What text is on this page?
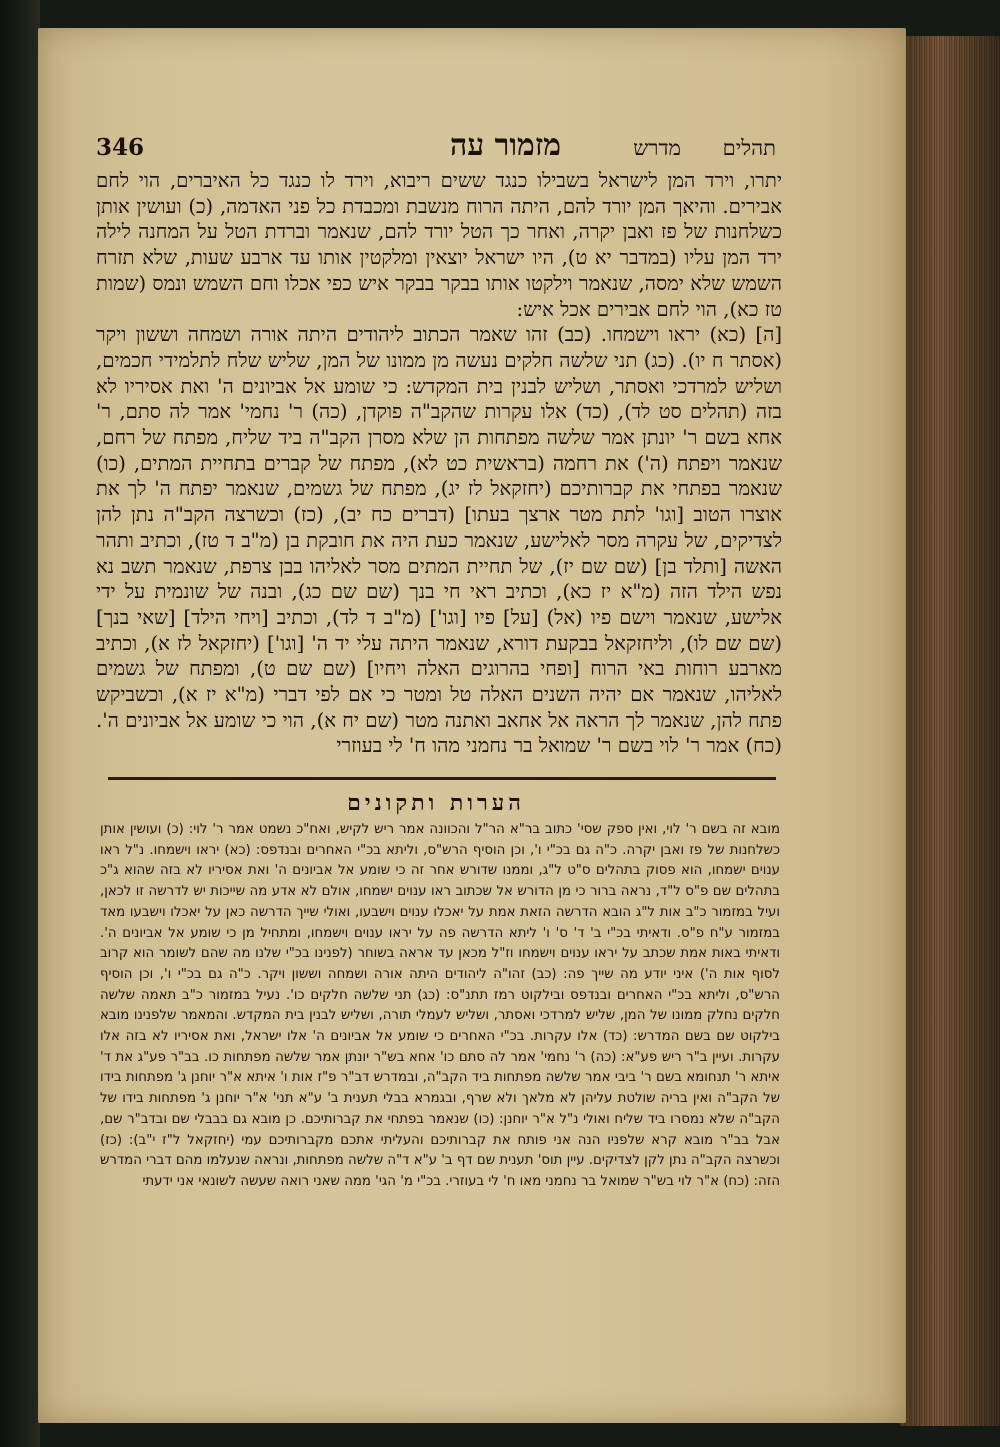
תהלים
מזמור עה	מדרש
346

יתרו, וירד המן לישראל בשבילו כנגד ששים ריבוא, וירד לו כנגד כל האיברים, הוי לחם אבירים. והיאך המן יורד להם, היתה הרוח מנשבת ומכבדת כל פני האדמה, (כ) ועושין אותן כשלחנות של פז ואבן יקרה, ואחר כך הטל יורד להם, שנאמר וברדת הטל על המחנה לילה ירד המן עליו (במדבר יא ט), היו ישראל יוצאין ומלקטין אותו עד ארבע שעות, שלא תזרח השמש שלא ימסה, שנאמר וילקטו אותו בבקר בבקר איש כפי אכלו וחם השמש ונמס (שמות טז כא), הוי לחם אבירים אכל איש:

[ה] (כא) יראו וישמחו. (כב) זהו שאמר הכתוב ליהודים היתה אורה ושמחה וששון ויקר (אסתר ח יו). (כג) תני שלשה חלקים נעשה מן ממונו של המן, שליש שלח לתלמידי חכמים, ושליש למרדכי ואסתר, ושליש לבנין בית המקדש: כי שומע אל אביונים ה' ואת אסיריו לא בזה (תהלים סט לד), (כד) אלו עקרות שהקב"ה פוקדן, (כה) ר' נחמי' אמר לה סתם, ר' אחא בשם ר' יונתן אמר שלשה מפתחות הן שלא מסרן הקב"ה ביד שליח, מפתח של רחם, שנאמר ויפתח (ה') את רחמה (בראשית כט לא), מפתח של קברים בתחיית המתים, (כו) שנאמר בפתחי את קברותיכם (יחזקאל לז יג), מפתח של גשמים, שנאמר יפתח ה' לך את אוצרו הטוב [וגו' לתת מטר ארצך בעתו] (דברים כח יב), (כז) וכשרצה הקב"ה נתן להן לצדיקים, של עקרה מסר לאלישע, שנאמר כעת היה את חובקת בן (מ"ב ד טז), וכתיב ותהר האשה [ותלד בן] (שם שם יז), של תחיית המתים מסר לאליהו בבן צרפת, שנאמר תשב נא נפש הילד הזה (מ"א יז כא), וכתיב ראי חי בנך (שם שם כג), ובנה של שונמית על ידי אלישע, שנאמר וישם פיו (אל) [על] פיו [וגו'] (מ"ב ד לד), וכתיב [ויחי הילד] [שאי בנך] (שם שם לו), וליחזקאל בבקעת דורא, שנאמר היתה עלי יד ה' [וגו'] (יחזקאל לז א), וכתיב מארבע רוחות באי הרוח [ופחי בהרוגים האלה ויחיו] (שם שם ט), ומפתח של גשמים לאליהו, שנאמר אם יהיה השנים האלה טל ומטר כי אם לפי דברי (מ"א יז א), וכשביקש פתח להן, שנאמר לך הראה אל אחאב ואתנה מטר (שם יח א), הוי כי שומע אל אביונים ה'. (כח) אמר ר' לוי בשם ר' שמואל בר נחמני מהו ח' לי בעוזרי

הערות ותקונים

מובא זה בשם ר' לוי, ואין ספק שסי' כתוב בר"א הר"ל והכוונה אמר ריש לקיש, ואח"כ נשמט אמר ר' לוי: (כ) ועושין אותן כשלחנות של פז ואבן יקרה. כ"ה גם בכ"י ו', וכן הוסיף הרש"ס, וליתא בכ"י האחרים ובנדפס: (כא) יראו וישמחו. נ"ל ראו ענוים ישמחו, הוא פסוק בתהלים ס"ט ל"ג, וממנו שדורש אחר זה כי שומע אל אביונים ה' ואת אסיריו לא בזה שהוא ג"כ בתהלים שם פ"ס ל"ד, נראה ברור כי מן הדורש אל שכתוב ראו ענוים ישמחו, אולם לא אדע מה שייכות יש לדרשה זו לכאן, ועיל במזמור כ"ב אות ל"ג הובא הדרשה הזאת אמת על יאכלו ענוים וישבעו, ואולי שייך הדרשה כאן על יאכלו וישבעו מאד במזמור ע"ח פ"ס. ודאיתי בכ"י ב' ד' ס' ו' ליתא הדרשה פה על יראו ענוים וישמחו, ומתחיל מן כי שומע אל אביונים ה'. ודאיתי באות אמת שכתב על יראו ענוים וישמחו וז"ל מכאן עד אראה בשוחר (לפנינו בכ"י שלנו מה שהם לשומר הוא קרוב לסוף אות ה') איני יודע מה שייך פה: (כב) זהו"ה ליהודים היתה אורה ושמחה וששון ויקר. כ"ה גם בכ"י ו', וכן הוסיף הרש"ס, וליתא בכ"י האחרים ובנדפס ובילקוט רמז תתנ"ס: (כג) תני שלשה חלקים כו'. נעיל במזמור כ"ב תאמה שלשה חלקים נחלק ממונו של המן, שליש למרדכי ואסתר, ושליש לעמלי תורה, ושליש לבנין בית המקדש. והמאמר שלפנינו מובא בילקוט שם בשם המדרש: (כד) אלו עקרות. בכ"י האחרים כי שומע אל אביונים ה' אלו ישראל, ואת אסיריו לא בזה אלו עקרות. ועיין ב"ר ריש פע"א: (כה) ר' נחמי' אמר לה סתם כו' אחא בש"ר יונתן אמר שלשה מפתחות כו. בב"ר פע"ג את ד' איתא ר' תנחומא בשם ר' ביבי אמר שלשה מפתחות ביד הקב"ה, ובמדרש דב"ר פ"ז אות ו' איתא א"ר יוחנן ג' מפתחות בידו של הקב"ה ואין בריה שולטת עליהן לא מלאך ולא שרף, ובגמרא בבלי תענית ב' ע"א תני' א"ר יוחנן ג' מפתחות בידו של הקב"ה שלא נמסרו ביד שליח ואולי נ"ל א"ר יוחנן: (כו) שנאמר בפתחי את קברותיכם. כן מובא גם בבבלי שם ובדב"ר שם, אבל בב"ר מובא קרא שלפניו הנה אני פותח את קברותיכם והעליתי אתכם מקברותיכם עמי (יחזקאל ל"ז י"ב): (כז) וכשרצה הקב"ה נתן לקן לצדיקים. עיין תוס' תענית שם דף ב' ע"א ד"ה שלשה מפתחות, ונראה שנעלמו מהם דברי המדרש הזה: (כח) א"ר לוי בש"ר שמואל בר נחמני מאו ח' לי בעוזרי. בכ"י מ' הגי' ממה שאני רואה שעשה לשונאי אני ידעתי
